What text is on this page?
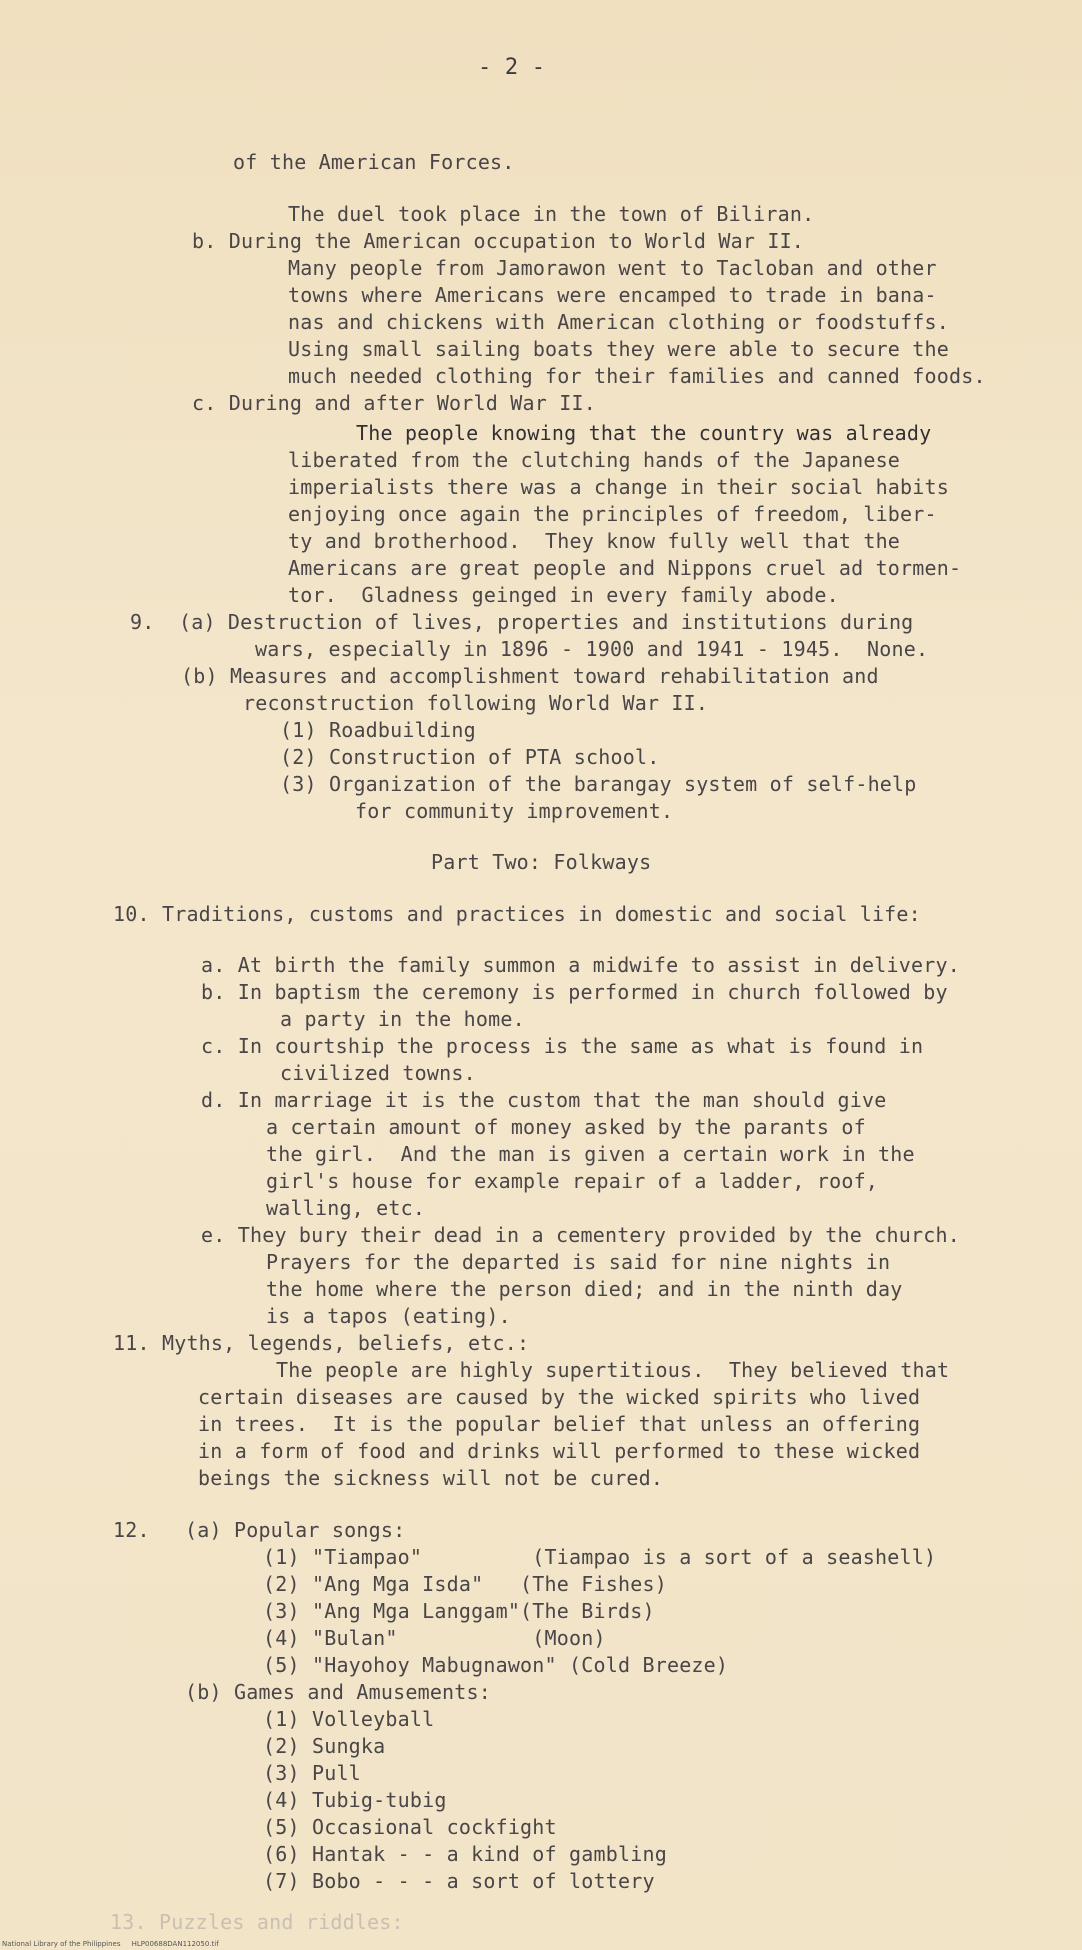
- 2 -
of the American Forces.
The duel took place in the town of Biliran.
b. During the American occupation to World War II.
Many people from Jamorawon went to Tacloban and other
towns where Americans were encamped to trade in bana-
nas and chickens with American clothing or foodstuffs.
Using small sailing boats they were able to secure the
much needed clothing for their families and canned foods.
c. During and after World War II.
The people knowing that the country was already
liberated from the clutching hands of the Japanese
imperialists there was a change in their social habits
enjoying once again the principles of freedom, liber-
ty and brotherhood.  They know fully well that the
Americans are great people and Nippons cruel ad tormen-
tor.  Gladness geinged in every family abode.
9.  (a) Destruction of lives, properties and institutions during
wars, especially in 1896 - 1900 and 1941 - 1945.  None.
(b) Measures and accomplishment toward rehabilitation and
reconstruction following World War II.
(1) Roadbuilding
(2) Construction of PTA school.
(3) Organization of the barangay system of self-help
for community improvement.
Part Two: Folkways
10. Traditions, customs and practices in domestic and social life:
a. At birth the family summon a midwife to assist in delivery.
b. In baptism the ceremony is performed in church followed by
a party in the home.
c. In courtship the process is the same as what is found in
civilized towns.
d. In marriage it is the custom that the man should give
a certain amount of money asked by the parants of
the girl.  And the man is given a certain work in the
girl's house for example repair of a ladder, roof,
walling, etc.
e. They bury their dead in a cementery provided by the church.
Prayers for the departed is said for nine nights in
the home where the person died; and in the ninth day
is a tapos (eating).
11. Myths, legends, beliefs, etc.:
The people are highly supertitious.  They believed that
certain diseases are caused by the wicked spirits who lived
in trees.  It is the popular belief that unless an offering
in a form of food and drinks will performed to these wicked
beings the sickness will not be cured.
12. (a) Popular songs:
(1) "Tiampao"         (Tiampao is a sort of a seashell)
(2) "Ang Mga Isda"   (The Fishes)
(3) "Ang Mga Langgam"(The Birds)
(4) "Bulan"           (Moon)
(5) "Hayohoy Mabugnawon" (Cold Breeze)
(b) Games and Amusements:
(1) Volleyball
(2) Sungka
(3) Pull
(4) Tubig-tubig
(5) Occasional cockfight
(6) Hantak - - a kind of gambling
(7) Bobo - - - a sort of lottery
13. Puzzles and riddles:
National Library of the Philippines     HLP00688DAN112050.tif
